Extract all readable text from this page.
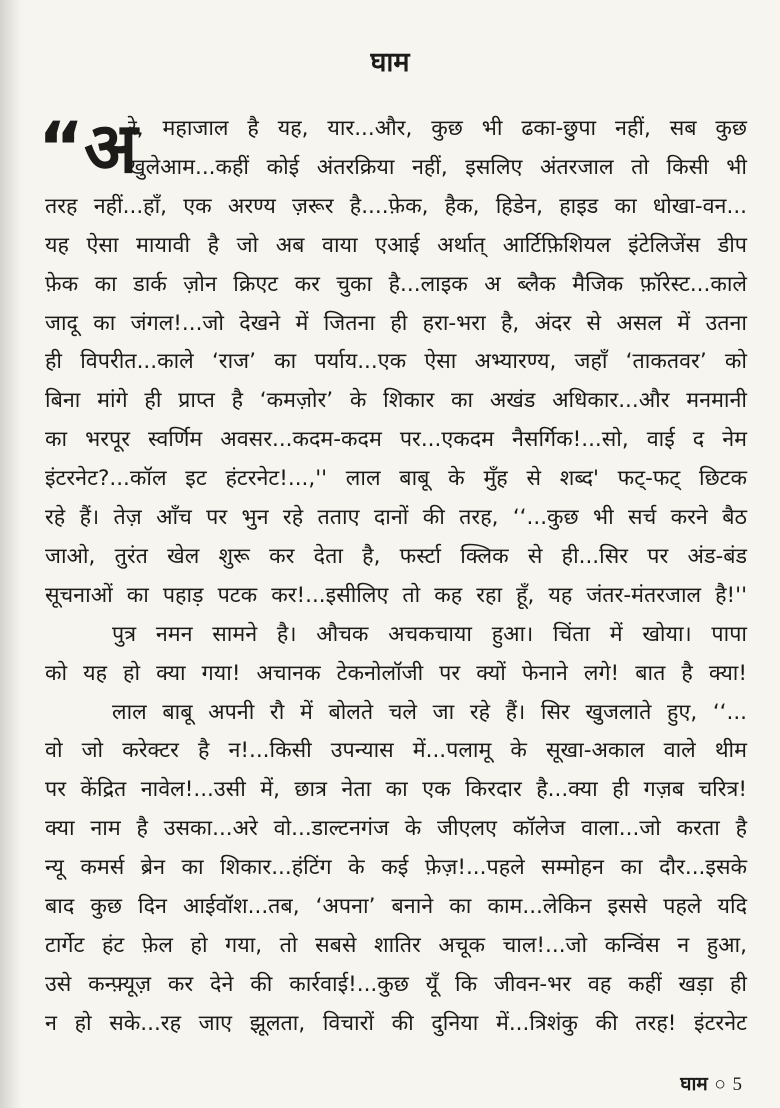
घाम
“अ
रे, महाजाल है यह, यार...और, कुछ भी ढका-छुपा नहीं, सब कुछ
खुलेआम...कहीं कोई अंतरक्रिया नहीं, इसलिए अंतरजाल तो किसी भी
तरह नहीं...हाँ, एक अरण्य ज़रूर है....फ़ेक, हैक, हिडेन, हाइड का धोखा-वन...
यह ऐसा मायावी है जो अब वाया एआई अर्थात् आर्टिफ़िशियल इंटेलिजेंस डीप
फ़ेक का डार्क ज़ोन क्रिएट कर चुका है...लाइक अ ब्लैक मैजिक फ़ॉरेस्ट...काले
जादू का जंगल!...जो देखने में जितना ही हरा-भरा है, अंदर से असल में उतना
ही विपरीत...काले ‘राज’ का पर्याय...एक ऐसा अभ्यारण्य, जहाँ ‘ताकतवर’ को
बिना मांगे ही प्राप्त है ‘कमज़ोर’ के शिकार का अखंड अधिकार...और मनमानी
का भरपूर स्वर्णिम अवसर...कदम-कदम पर...एकदम नैसर्गिक!...सो, वाई द नेम
इंटरनेट?...कॉल इट हंटरनेट!...,'' लाल बाबू के मुँह से शब्द' फट्-फट् छिटक
रहे हैं। तेज़ आँच पर भुन रहे तताए दानों की तरह, ‘‘...कुछ भी सर्च करने बैठ
जाओ, तुरंत खेल शुरू कर देता है, फर्स्टा क्लिक से ही...सिर पर अंड-बंड
सूचनाओं का पहाड़ पटक कर!...इसीलिए तो कह रहा हूँ, यह जंतर-मंतरजाल है!''
पुत्र नमन सामने है। औचक अचकचाया हुआ। चिंता में खोया। पापा
को यह हो क्या गया! अचानक टेकनोलॉजी पर क्यों फेनाने लगे! बात है क्या!
लाल बाबू अपनी रौ में बोलते चले जा रहे हैं। सिर खुजलाते हुए, ‘‘...
वो जो करेक्टर है न!...किसी उपन्यास में...पलामू के सूखा-अकाल वाले थीम
पर केंद्रित नावेल!...उसी में, छात्र नेता का एक किरदार है...क्या ही गज़ब चरित्र!
क्या नाम है उसका...अरे वो...डाल्टनगंज के जीएलए कॉलेज वाला...जो करता है
न्यू कमर्स ब्रेन का शिकार...हंटिंग के कई फ़ेज़!...पहले सम्मोहन का दौर...इसके
बाद कुछ दिन आईवॉश...तब, ‘अपना’ बनाने का काम...लेकिन इससे पहले यदि
टार्गेट हंट फ़ेल हो गया, तो सबसे शातिर अचूक चाल!...जो कन्विंस न हुआ,
उसे कन्फ़्यूज़ कर देने की कार्रवाई!...कुछ यूँ कि जीवन-भर वह कहीं खड़ा ही
न हो सके...रह जाए झूलता, विचारों की दुनिया में...त्रिशंकु की तरह! इंटरनेट
घाम ○ 5
